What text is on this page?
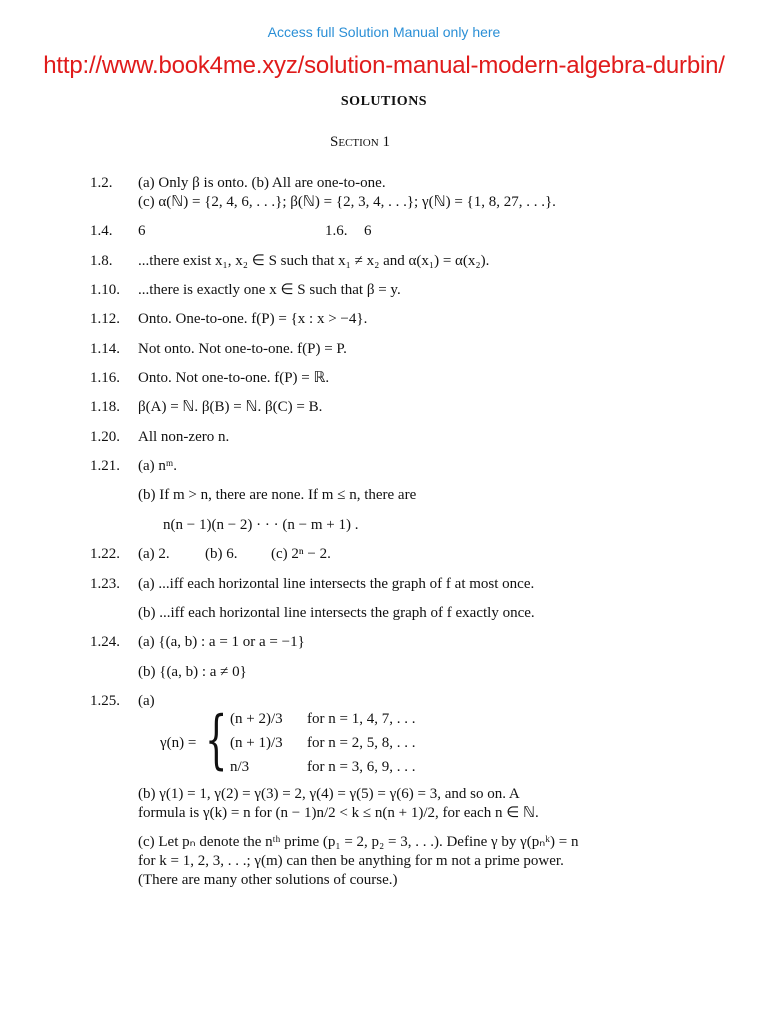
Access full Solution Manual only here
http://www.book4me.xyz/solution-manual-modern-algebra-durbin/
SOLUTIONS
Section 1
1.2. (a) Only β is onto. (b) All are one-to-one.
(c) α(ℕ) = {2, 4, 6, . . .}; β(ℕ) = {2, 3, 4, . . .}; γ(ℕ) = {1, 8, 27, . . .}.
1.4. 6	1.6. 6
1.8. ...there exist x₁, x₂ ∈ S such that x₁ ≠ x₂ and α(x₁) = α(x₂).
1.10. ...there is exactly one x ∈ S such that β = y.
1.12. Onto. One-to-one. f(P) = {x : x > −4}.
1.14. Not onto. Not one-to-one. f(P) = P.
1.16. Onto. Not one-to-one. f(P) = ℝ.
1.18. β(A) = ℕ. β(B) = ℕ. β(C) = B.
1.20. All non-zero n.
1.21. (a) nᵐ.
(b) If m > n, there are none. If m ≤ n, there are
n(n − 1)(n − 2) · · · (n − m + 1) .
1.22. (a) 2. (b) 6. (c) 2ⁿ − 2.
1.23. (a) ...iff each horizontal line intersects the graph of f at most once.
(b) ...iff each horizontal line intersects the graph of f exactly once.
1.24. (a) {(a, b) : a = 1 or a = −1}
(b) {(a, b) : a ≠ 0}
1.25. (a)
γ(n) = { (n + 2)/3 for n = 1, 4, 7, . . .
(n + 1)/3 for n = 2, 5, 8, . . .
n/3	for n = 3, 6, 9, . . .
(b) γ(1) = 1, γ(2) = γ(3) = 2, γ(4) = γ(5) = γ(6) = 3, and so on. A
formula is γ(k) = n for (n − 1)n/2 < k ≤ n(n + 1)/2, for each n ∈ ℕ.
(c) Let pₙ denote the nᵗʰ prime (p₁ = 2, p₂ = 3, . . .). Define γ by γ(pₙᵏ) = n
for k = 1, 2, 3, . . .; γ(m) can then be anything for m not a prime power.
(There are many other solutions of course.)
